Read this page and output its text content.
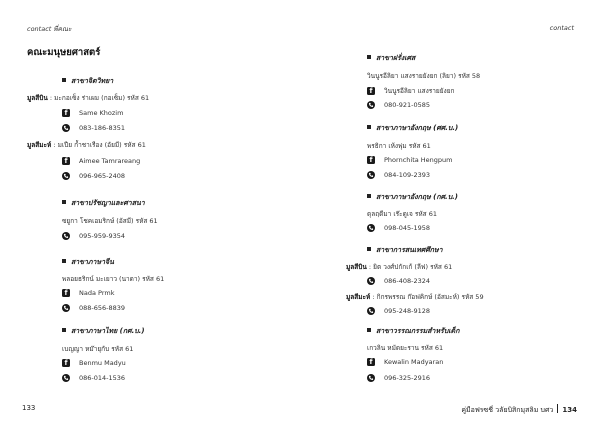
contact พี่คณะ
คณะมนุษยศาสตร์
สาขาจิตวิทยา
มูลสีบิน : มะกอเซ็ง ร่าเผม (กอเซ็ม) รหัส 61
f	Same Khozim
083-186-8351
มูลสีมะห์ : มเปีย ก้ำชาเรือง (อัยมี) รหัส 61
f	Aimee Tamrareang
096-965-2408
สาขาปรัชญาและศาสนา
ซยูกา โชคเอมริกษ์ (อัสมี) รหัส 61
095-959-9354
สาขาภาษาจีน
พลอยธริกน์ มะเยาว (นาดา) รหัส 61
f	Nada Prmk
088-656-8839
สาขาภาษาไทย (กศ.บ.)
เบญญา หม๊ายุกับ รหัส 61
f	Benmu Madyu
086-014-1536
133
contact
สาขาฝรั่งเศส
วินนูรอีลิยา แสงรายยังยก (ลิยา) รหัส 58
f	วินนูรอีลิยา แสงรายยังยก
080-921-0585
สาขาภาษาอังกฤษ (ศศ.บ.)
พรธิกา เห้งพุ่ม รหัส 61
f	Phornchita Hengpum
084-109-2393
สาขาภาษาอังกฤษ (กศ.บ.)
ดุลฤดีมา เร๊ะดูเจ รหัส 61
098-045-1958
สาขาการสนเทศศึกษา
มูลสีบิน : ยิต วงศ์ปกักเก้ (ลีฟ) รหัส 61
086-408-2324
มูลสีมะห์ : กิกรพรรณ ก๊อฟคิกษ์ (อัสมะห์) รหัส 59
095-248-9128
สาขาวรรณกรรมสำหรับเด็ก
เกวลิน หมัดยะราน รหัส 61
f	Kewalin Madyaran
096-325-2916
คู่มือฟรซชี่ วลัยบิสิกมุสลิม บศว 134
